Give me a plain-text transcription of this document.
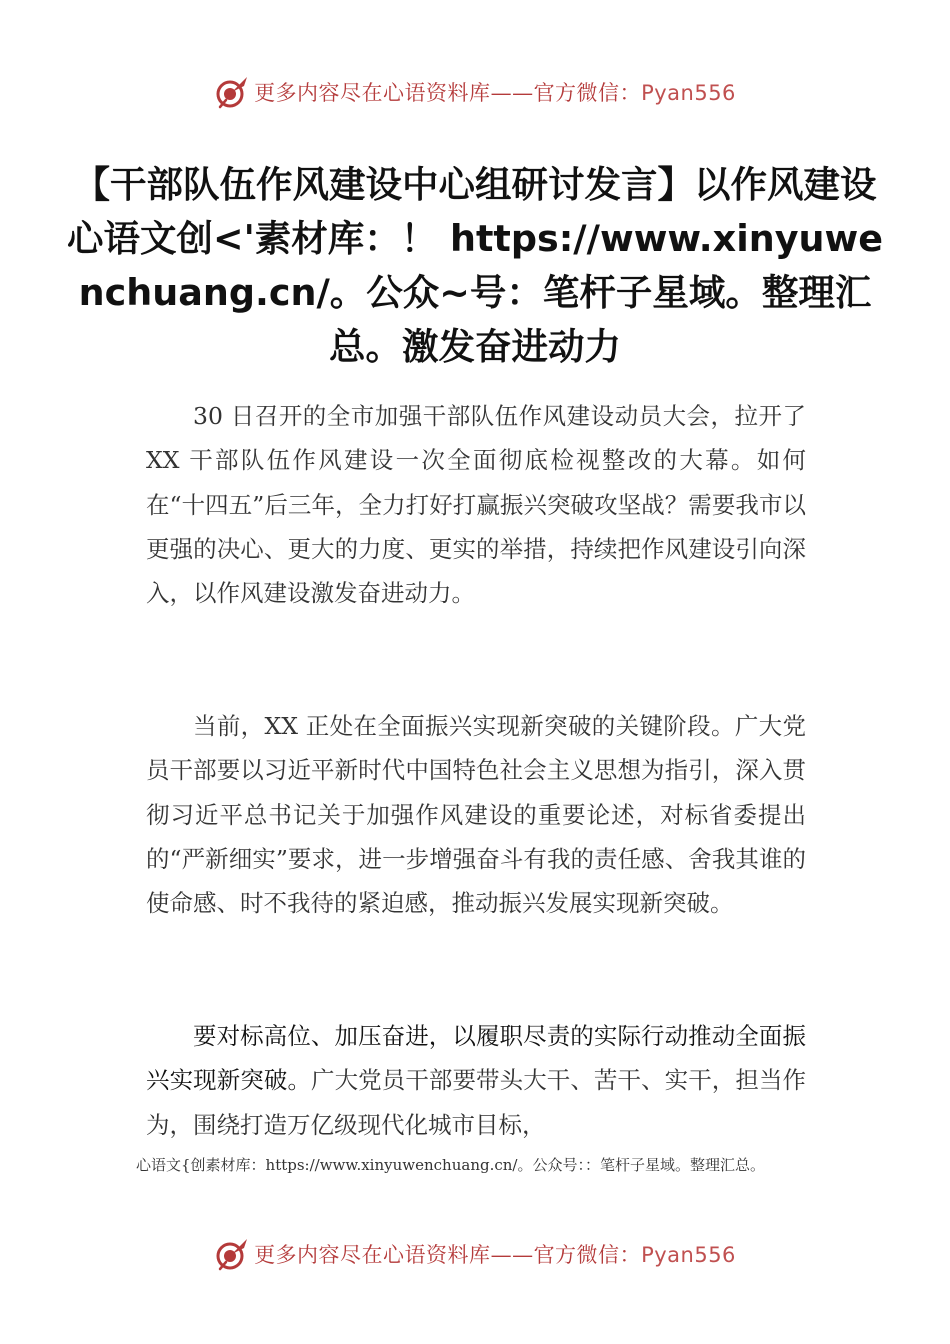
更多内容尽在心语资料库——官方微信：Pyan556
【干部队伍作风建设中心组研讨发言】以作风建设心语文创<'素材库：！ https://www.xinyuwenchuang.cn/。公众~号：笔杆子星域。整理汇总。激发奋进动力

30 日召开的全市加强干部队伍作风建设动员大会，拉开了 XX 干部队伍作风建设一次全面彻底检视整改的大幕。如何在“十四五”后三年，全力打好打赢振兴突破攻坚战？需要我市以更强的决心、更大的力度、更实的举措，持续把作风建设引向深入，以作风建设激发奋进动力。

当前，XX 正处在全面振兴实现新突破的关键阶段。广大党员干部要以习近平新时代中国特色社会主义思想为指引，深入贯彻习近平总书记关于加强作风建设的重要论述，对标省委提出的“严新细实”要求，进一步增强奋斗有我的责任感、舍我其谁的使命感、时不我待的紧迫感，推动振兴发展实现新突破。

要对标高位、加压奋进，以履职尽责的实际行动推动全面振兴实现新突破。广大党员干部要带头大干、苦干、实干，担当作为，围绕打造万亿级现代化城市目标，

心语文{创素材库：https://www.xinyuwenchuang.cn/。公众号：：笔杆子星域。整理汇总。
更多内容尽在心语资料库——官方微信：Pyan556
